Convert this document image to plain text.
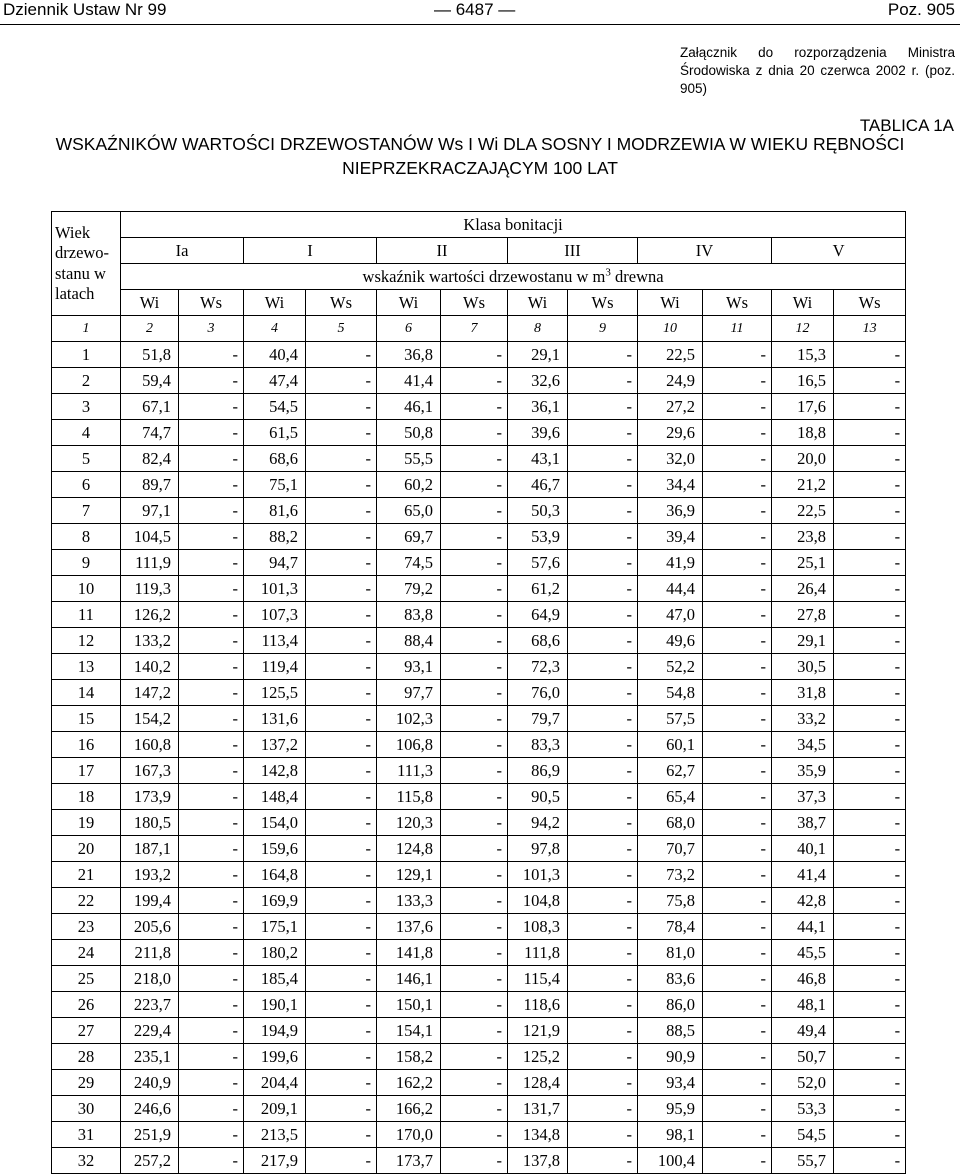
Dziennik Ustaw Nr 99	— 6487 —	Poz. 905
Załącznik do rozporządzenia Ministra Środowiska z dnia 20 czerwca 2002 r. (poz. 905)
TABLICA 1A
WSKAŹNIKÓW WARTOŚCI DRZEWOSTANÓW Ws I Wi DLA SOSNY I MODRZEWIA W WIEKU RĘBNOŚCI
NIEPRZEKRACZAJĄCYM 100 LAT
Wiek
drzewo-
stanu w
latach	Klasa bonitacji											
	Ia		I		II		III		IV		V	
	wskaźnik wartości drzewostanu w $m^3$ drewna											
	Wi	Ws	Wi	Ws	Wi	Ws	Wi	Ws	Wi	Ws	Wi	Ws
1	2	3	4	5	6	7	8	9	10	11	12	13
1	51,8	-	40,4	-	36,8	-	29,1	-	22,5	-	15,3	-
2	59,4	-	47,4	-	41,4	-	32,6	-	24,9	-	16,5	-
3	67,1	-	54,5	-	46,1	-	36,1	-	27,2	-	17,6	-
4	74,7	-	61,5	-	50,8	-	39,6	-	29,6	-	18,8	-
5	82,4	-	68,6	-	55,5	-	43,1	-	32,0	-	20,0	-
6	89,7	-	75,1	-	60,2	-	46,7	-	34,4	-	21,2	-
7	97,1	-	81,6	-	65,0	-	50,3	-	36,9	-	22,5	-
8	104,5	-	88,2	-	69,7	-	53,9	-	39,4	-	23,8	-
9	111,9	-	94,7	-	74,5	-	57,6	-	41,9	-	25,1	-
10	119,3	-	101,3	-	79,2	-	61,2	-	44,4	-	26,4	-
11	126,2	-	107,3	-	83,8	-	64,9	-	47,0	-	27,8	-
12	133,2	-	113,4	-	88,4	-	68,6	-	49,6	-	29,1	-
13	140,2	-	119,4	-	93,1	-	72,3	-	52,2	-	30,5	-
14	147,2	-	125,5	-	97,7	-	76,0	-	54,8	-	31,8	-
15	154,2	-	131,6	-	102,3	-	79,7	-	57,5	-	33,2	-
16	160,8	-	137,2	-	106,8	-	83,3	-	60,1	-	34,5	-
17	167,3	-	142,8	-	111,3	-	86,9	-	62,7	-	35,9	-
18	173,9	-	148,4	-	115,8	-	90,5	-	65,4	-	37,3	-
19	180,5	-	154,0	-	120,3	-	94,2	-	68,0	-	38,7	-
20	187,1	-	159,6	-	124,8	-	97,8	-	70,7	-	40,1	-
21	193,2	-	164,8	-	129,1	-	101,3	-	73,2	-	41,4	-
22	199,4	-	169,9	-	133,3	-	104,8	-	75,8	-	42,8	-
23	205,6	-	175,1	-	137,6	-	108,3	-	78,4	-	44,1	-
24	211,8	-	180,2	-	141,8	-	111,8	-	81,0	-	45,5	-
25	218,0	-	185,4	-	146,1	-	115,4	-	83,6	-	46,8	-
26	223,7	-	190,1	-	150,1	-	118,6	-	86,0	-	48,1	-
27	229,4	-	194,9	-	154,1	-	121,9	-	88,5	-	49,4	-
28	235,1	-	199,6	-	158,2	-	125,2	-	90,9	-	50,7	-
29	240,9	-	204,4	-	162,2	-	128,4	-	93,4	-	52,0	-
30	246,6	-	209,1	-	166,2	-	131,7	-	95,9	-	53,3	-
31	251,9	-	213,5	-	170,0	-	134,8	-	98,1	-	54,5	-
32	257,2	-	217,9	-	173,7	-	137,8	-	100,4	-	55,7	-
